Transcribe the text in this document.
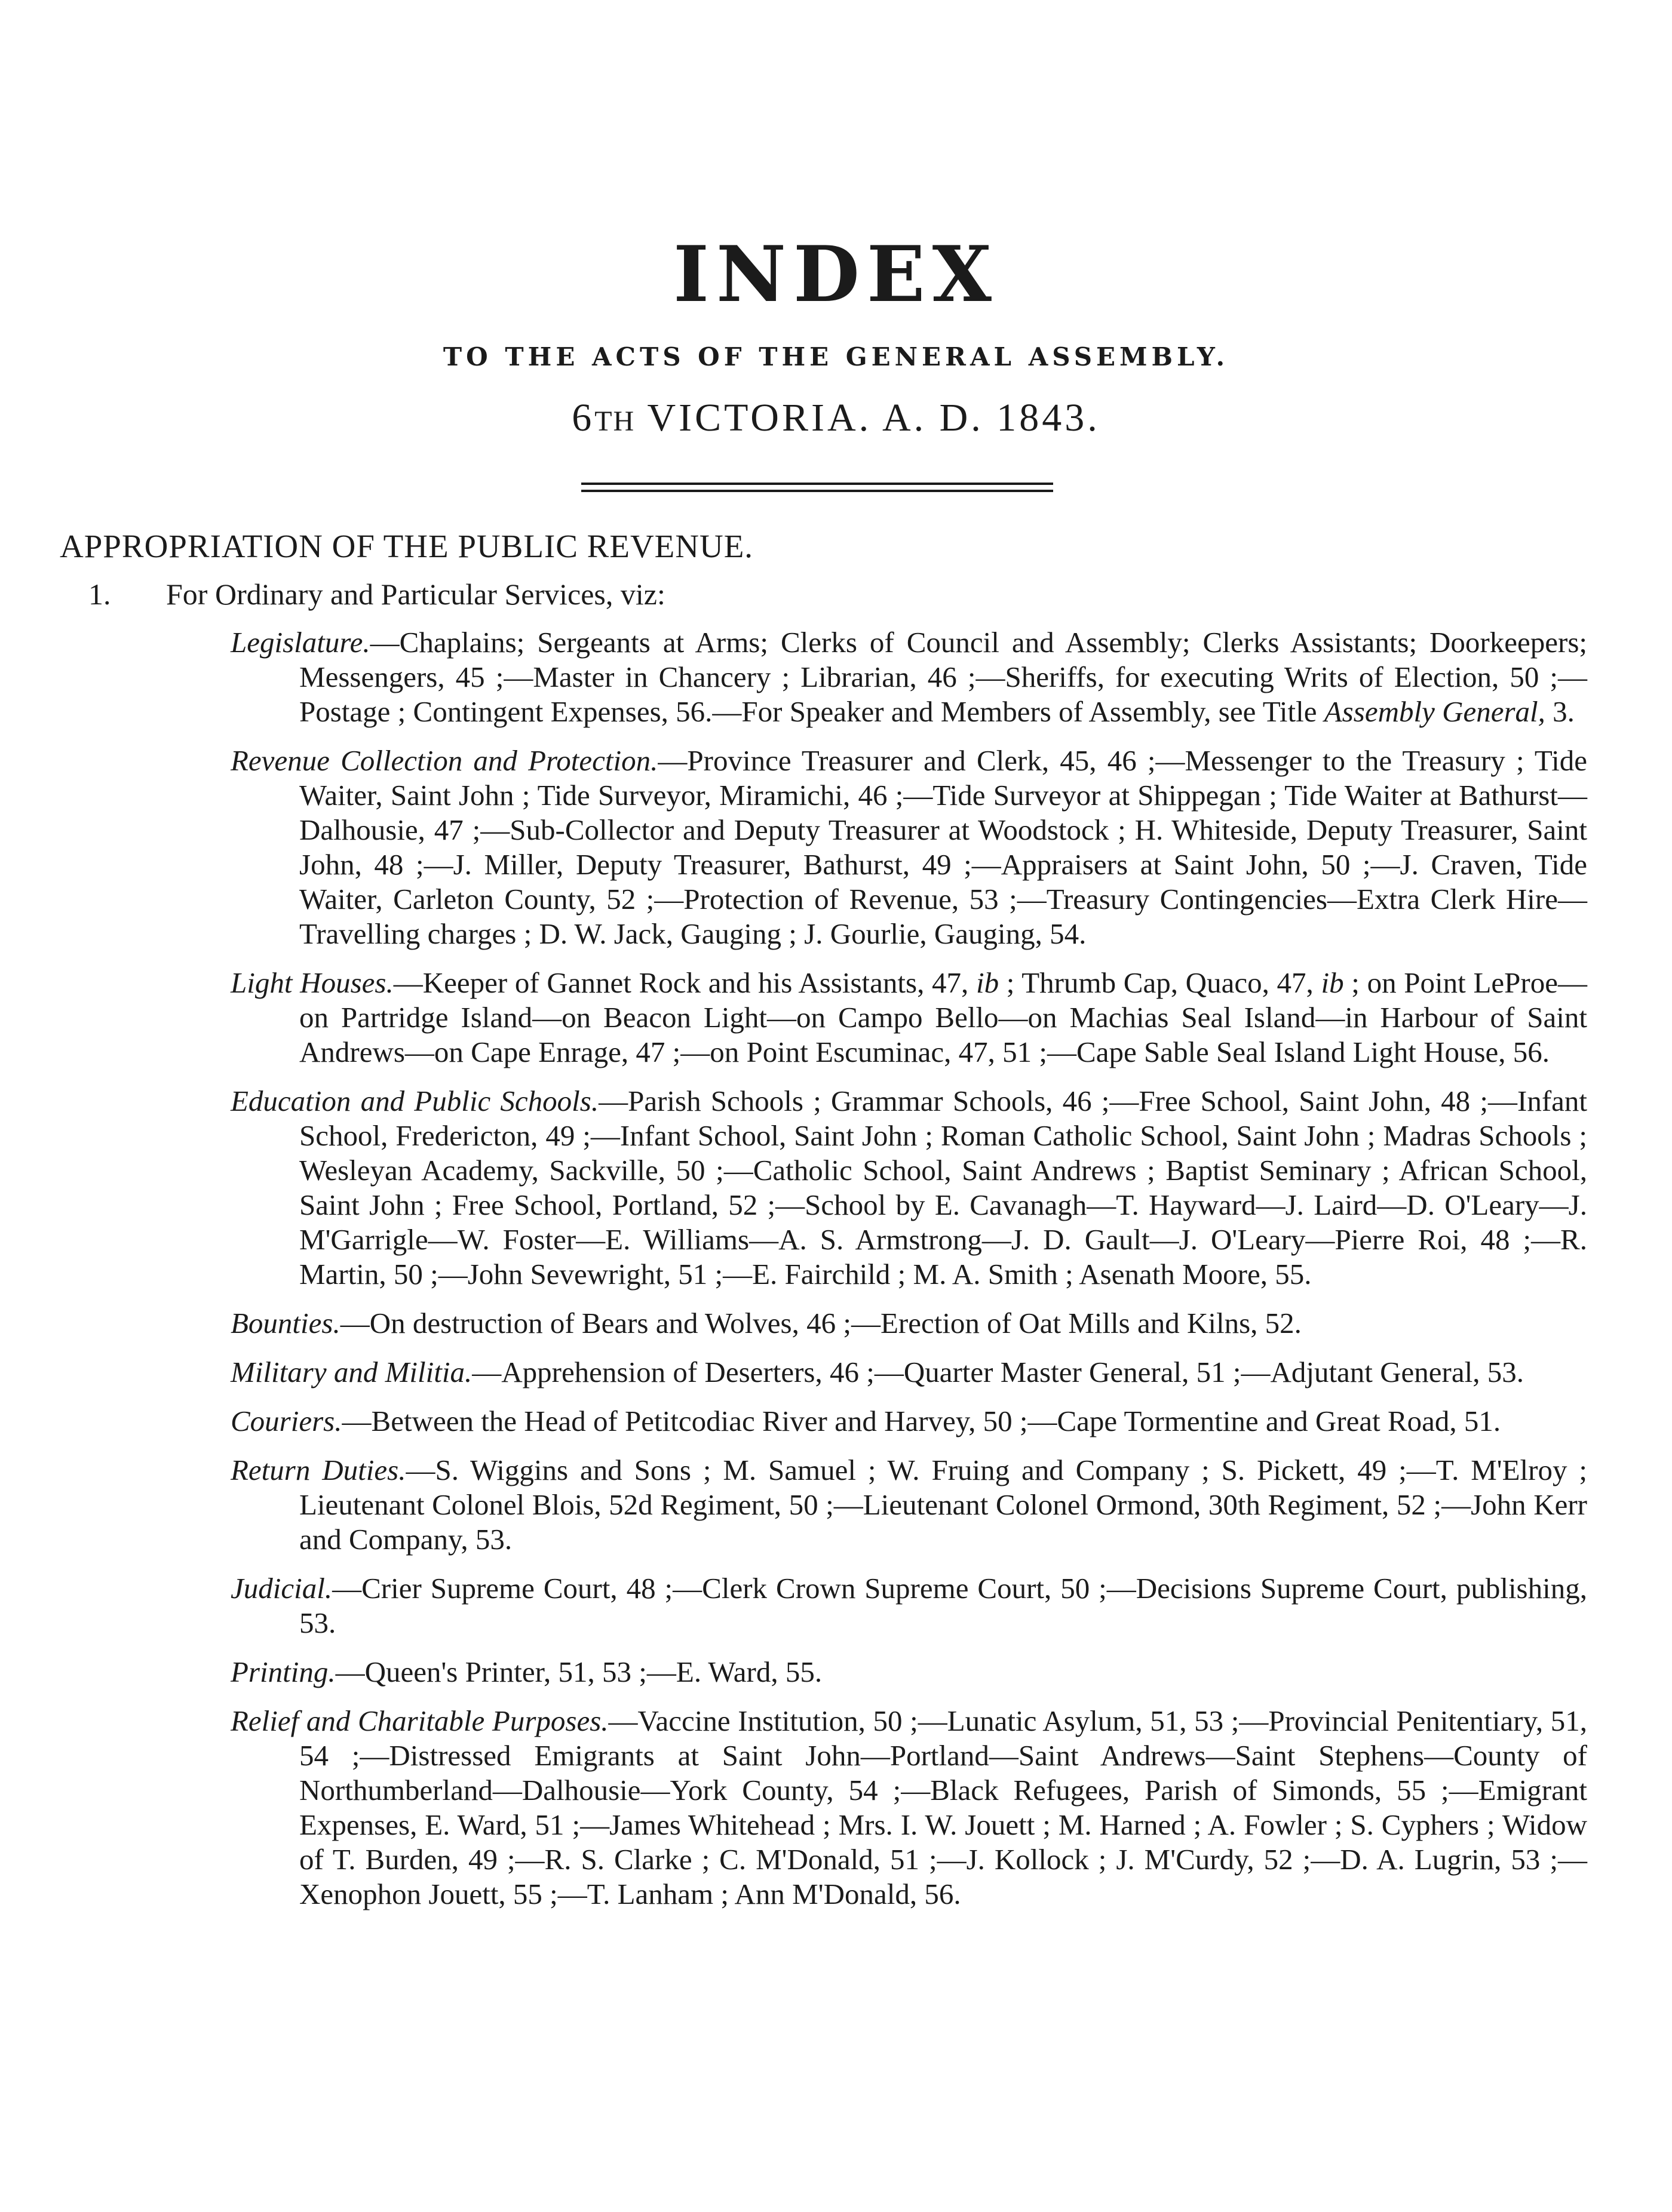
INDEX
TO THE ACTS OF THE GENERAL ASSEMBLY.
6TH VICTORIA. A. D. 1843.
APPROPRIATION OF THE PUBLIC REVENUE.
1. For Ordinary and Particular Services, viz:
Legislature.—Chaplains; Sergeants at Arms; Clerks of Council and Assembly; Clerks Assistants; Doorkeepers; Messengers, 45 ;—Master in Chancery ; Librarian, 46 ;—Sheriffs, for executing Writs of Election, 50 ;—Postage ; Contingent Expenses, 56.—For Speaker and Members of Assembly, see Title Assembly General, 3.
Revenue Collection and Protection.—Province Treasurer and Clerk, 45, 46 ;—Messenger to the Treasury ; Tide Waiter, Saint John ; Tide Surveyor, Miramichi, 46 ;—Tide Surveyor at Shippegan ; Tide Waiter at Bathurst—Dalhousie, 47 ;—Sub-Collector and Deputy Treasurer at Woodstock ; H. Whiteside, Deputy Treasurer, Saint John, 48 ;—J. Miller, Deputy Treasurer, Bathurst, 49 ;—Appraisers at Saint John, 50 ;—J. Craven, Tide Waiter, Carleton County, 52 ;—Protection of Revenue, 53 ;—Treasury Contingencies—Extra Clerk Hire—Travelling charges ; D. W. Jack, Gauging ; J. Gourlie, Gauging, 54.
Light Houses.—Keeper of Gannet Rock and his Assistants, 47, ib ; Thrumb Cap, Quaco, 47, ib ; on Point LeProe—on Partridge Island—on Beacon Light—on Campo Bello—on Machias Seal Island—in Harbour of Saint Andrews—on Cape Enrage, 47 ;—on Point Escuminac, 47, 51 ;—Cape Sable Seal Island Light House, 56.
Education and Public Schools.—Parish Schools ; Grammar Schools, 46 ;—Free School, Saint John, 48 ;—Infant School, Fredericton, 49 ;—Infant School, Saint John ; Roman Catholic School, Saint John ; Madras Schools ; Wesleyan Academy, Sackville, 50 ;—Catholic School, Saint Andrews ; Baptist Seminary ; African School, Saint John ; Free School, Portland, 52 ;—School by E. Cavanagh—T. Hayward—J. Laird—D. O'Leary—J. M'Garrigle—W. Foster—E. Williams—A. S. Armstrong—J. D. Gault—J. O'Leary—Pierre Roi, 48 ;—R. Martin, 50 ;—John Sevewright, 51 ;—E. Fairchild ; M. A. Smith ; Asenath Moore, 55.
Bounties.—On destruction of Bears and Wolves, 46 ;—Erection of Oat Mills and Kilns, 52.
Military and Militia.—Apprehension of Deserters, 46 ;—Quarter Master General, 51 ;—Adjutant General, 53.
Couriers.—Between the Head of Petitcodiac River and Harvey, 50 ;—Cape Tormentine and Great Road, 51.
Return Duties.—S. Wiggins and Sons ; M. Samuel ; W. Fruing and Company ; S. Pickett, 49 ;—T. M'Elroy ; Lieutenant Colonel Blois, 52d Regiment, 50 ;—Lieutenant Colonel Ormond, 30th Regiment, 52 ;—John Kerr and Company, 53.
Judicial.—Crier Supreme Court, 48 ;—Clerk Crown Supreme Court, 50 ;—Decisions Supreme Court, publishing, 53.
Printing.—Queen's Printer, 51, 53 ;—E. Ward, 55.
Relief and Charitable Purposes.—Vaccine Institution, 50 ;—Lunatic Asylum, 51, 53 ;—Provincial Penitentiary, 51, 54 ;—Distressed Emigrants at Saint John—Portland—Saint Andrews—Saint Stephens—County of Northumberland—Dalhousie—York County, 54 ;—Black Refugees, Parish of Simonds, 55 ;—Emigrant Expenses, E. Ward, 51 ;—James Whitehead ; Mrs. I. W. Jouett ; M. Harned ; A. Fowler ; S. Cyphers ; Widow of T. Burden, 49 ;—R. S. Clarke ; C. M'Donald, 51 ;—J. Kollock ; J. M'Curdy, 52 ;—D. A. Lugrin, 53 ;—Xenophon Jouett, 55 ;—T. Lanham ; Ann M'Donald, 56.
